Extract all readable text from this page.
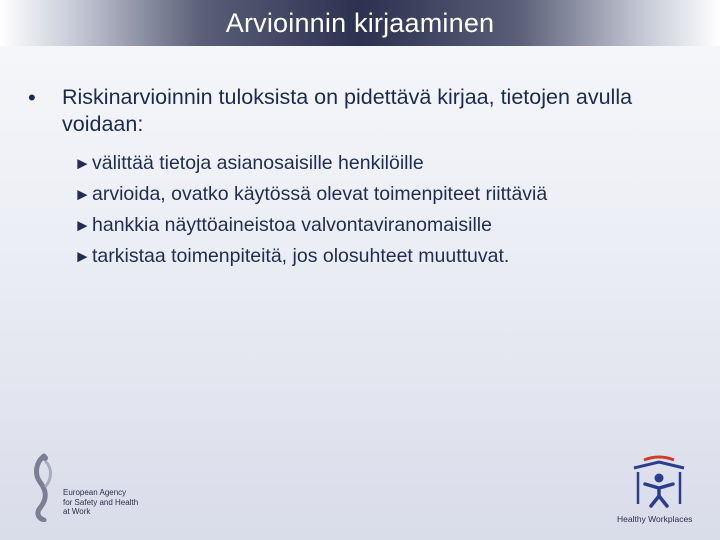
Arvioinnin kirjaaminen
•	Riskinarvioinnin tuloksista on pidettävä kirjaa, tietojen avulla voidaan:
► välittää tietoja asianosaisille henkilöille
► arvioida, ovatko käytössä olevat toimenpiteet riittäviä
► hankkia näyttöaineistoa valvontaviranomaisille
► tarkistaa toimenpiteitä, jos olosuhteet muuttuvat.
European Agency
for Safety and Health
at Work
Healthy Workplaces
